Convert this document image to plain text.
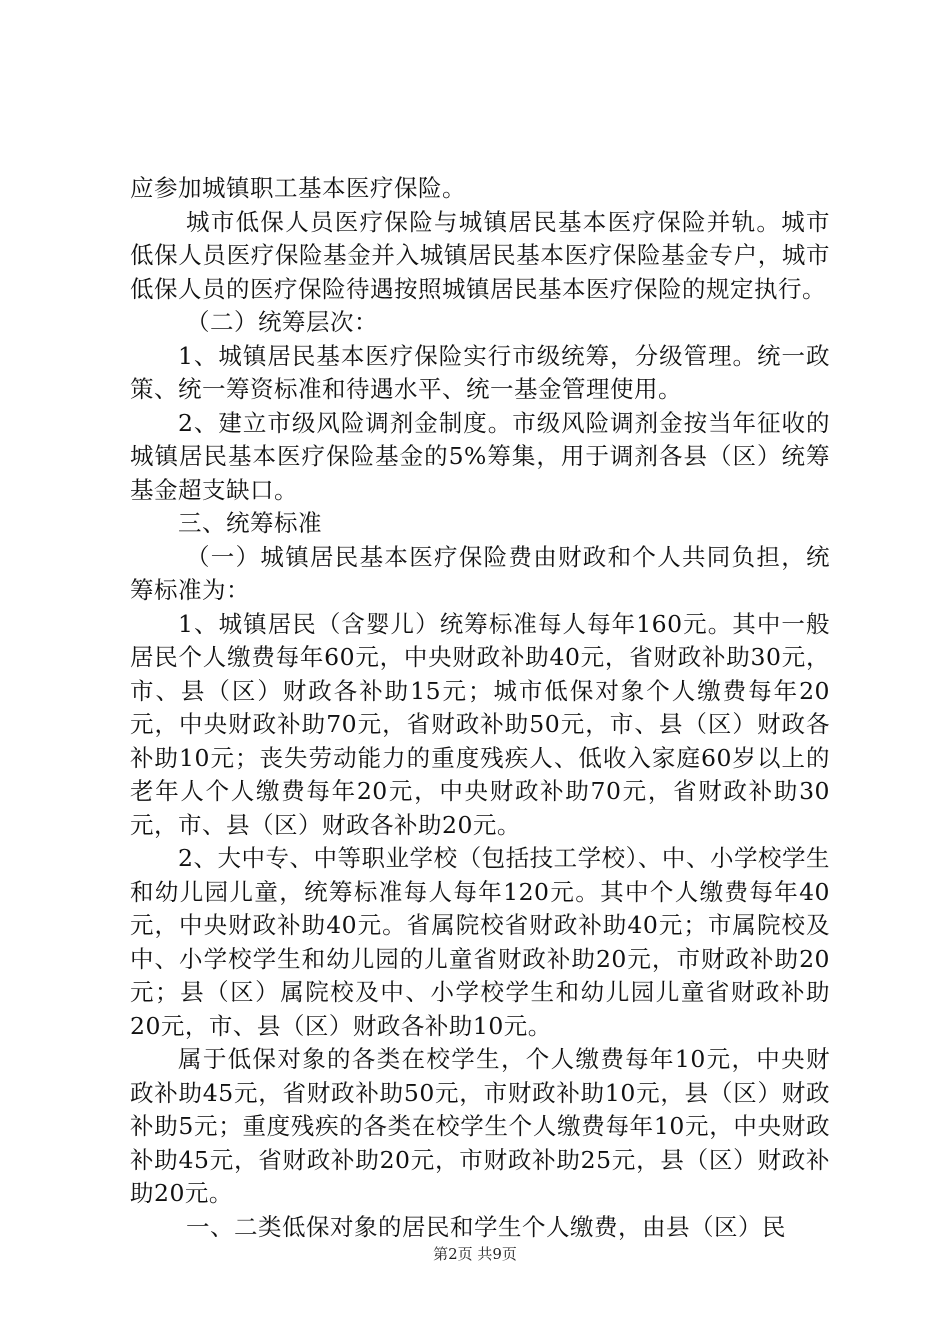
应参加城镇职工基本医疗保险。

城市低保人员医疗保险与城镇居民基本医疗保险并轨。城市低保人员医疗保险基金并入城镇居民基本医疗保险基金专户，城市低保人员的医疗保险待遇按照城镇居民基本医疗保险的规定执行。

（二）统筹层次：

1、城镇居民基本医疗保险实行市级统筹，分级管理。统一政策、统一筹资标准和待遇水平、统一基金管理使用。

2、建立市级风险调剂金制度。市级风险调剂金按当年征收的城镇居民基本医疗保险基金的5%筹集，用于调剂各县（区）统筹基金超支缺口。

三、统筹标准

（一）城镇居民基本医疗保险费由财政和个人共同负担，统筹标准为：

1、城镇居民（含婴儿）统筹标准每人每年160元。其中一般居民个人缴费每年60元，中央财政补助40元，省财政补助30元，市、县（区）财政各补助15元；城市低保对象个人缴费每年20元，中央财政补助70元，省财政补助50元，市、县（区）财政各补助10元；丧失劳动能力的重度残疾人、低收入家庭60岁以上的老年人个人缴费每年20元，中央财政补助70元，省财政补助30元，市、县（区）财政各补助20元。

2、大中专、中等职业学校（包括技工学校）、中、小学校学生和幼儿园儿童，统筹标准每人每年120元。其中个人缴费每年40元，中央财政补助40元。省属院校省财政补助40元；市属院校及中、小学校学生和幼儿园的儿童省财政补助20元，市财政补助20元；县（区）属院校及中、小学校学生和幼儿园儿童省财政补助20元，市、县（区）财政各补助10元。

属于低保对象的各类在校学生，个人缴费每年10元，中央财政补助45元，省财政补助50元，市财政补助10元，县（区）财政补助5元；重度残疾的各类在校学生个人缴费每年10元，中央财政补助45元，省财政补助20元，市财政补助25元，县（区）财政补助20元。

一、二类低保对象的居民和学生个人缴费，由县（区）民

第2页 共9页
